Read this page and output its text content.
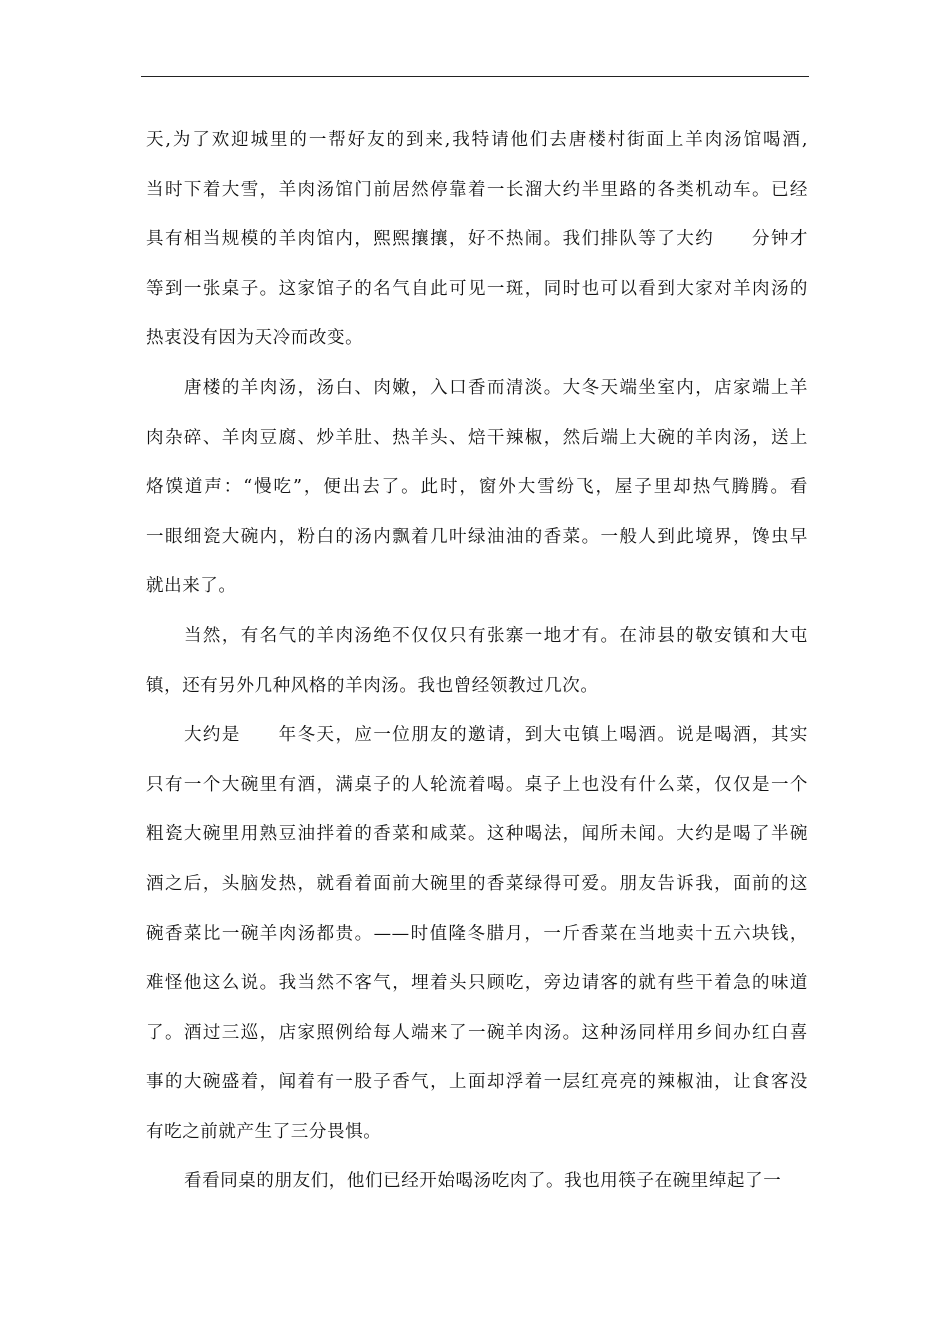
天,为了欢迎城里的一帮好友的到来,我特请他们去唐楼村街面上羊肉汤馆喝酒,
当时下着大雪，羊肉汤馆门前居然停靠着一长溜大约半里路的各类机动车。已经
具有相当规模的羊肉馆内，熙熙攘攘，好不热闹。我们排队等了大约　　分钟才
等到一张桌子。这家馆子的名气自此可见一斑，同时也可以看到大家对羊肉汤的
热衷没有因为天冷而改变。
唐楼的羊肉汤，汤白、肉嫩，入口香而清淡。大冬天端坐室内，店家端上羊
肉杂碎、羊肉豆腐、炒羊肚、热羊头、焙干辣椒，然后端上大碗的羊肉汤，送上
烙馍道声：“慢吃”，便出去了。此时，窗外大雪纷飞，屋子里却热气腾腾。看
一眼细瓷大碗内，粉白的汤内飘着几叶绿油油的香菜。一般人到此境界，馋虫早
就出来了。
当然，有名气的羊肉汤绝不仅仅只有张寨一地才有。在沛县的敬安镇和大屯
镇，还有另外几种风格的羊肉汤。我也曾经领教过几次。
大约是　　年冬天，应一位朋友的邀请，到大屯镇上喝酒。说是喝酒，其实
只有一个大碗里有酒，满桌子的人轮流着喝。桌子上也没有什么菜，仅仅是一个
粗瓷大碗里用熟豆油拌着的香菜和咸菜。这种喝法，闻所未闻。大约是喝了半碗
酒之后，头脑发热，就看着面前大碗里的香菜绿得可爱。朋友告诉我，面前的这
碗香菜比一碗羊肉汤都贵。——时值隆冬腊月，一斤香菜在当地卖十五六块钱，
难怪他这么说。我当然不客气，埋着头只顾吃，旁边请客的就有些干着急的味道
了。酒过三巡，店家照例给每人端来了一碗羊肉汤。这种汤同样用乡间办红白喜
事的大碗盛着，闻着有一股子香气，上面却浮着一层红亮亮的辣椒油，让食客没
有吃之前就产生了三分畏惧。
看看同桌的朋友们，他们已经开始喝汤吃肉了。我也用筷子在碗里绰起了一
